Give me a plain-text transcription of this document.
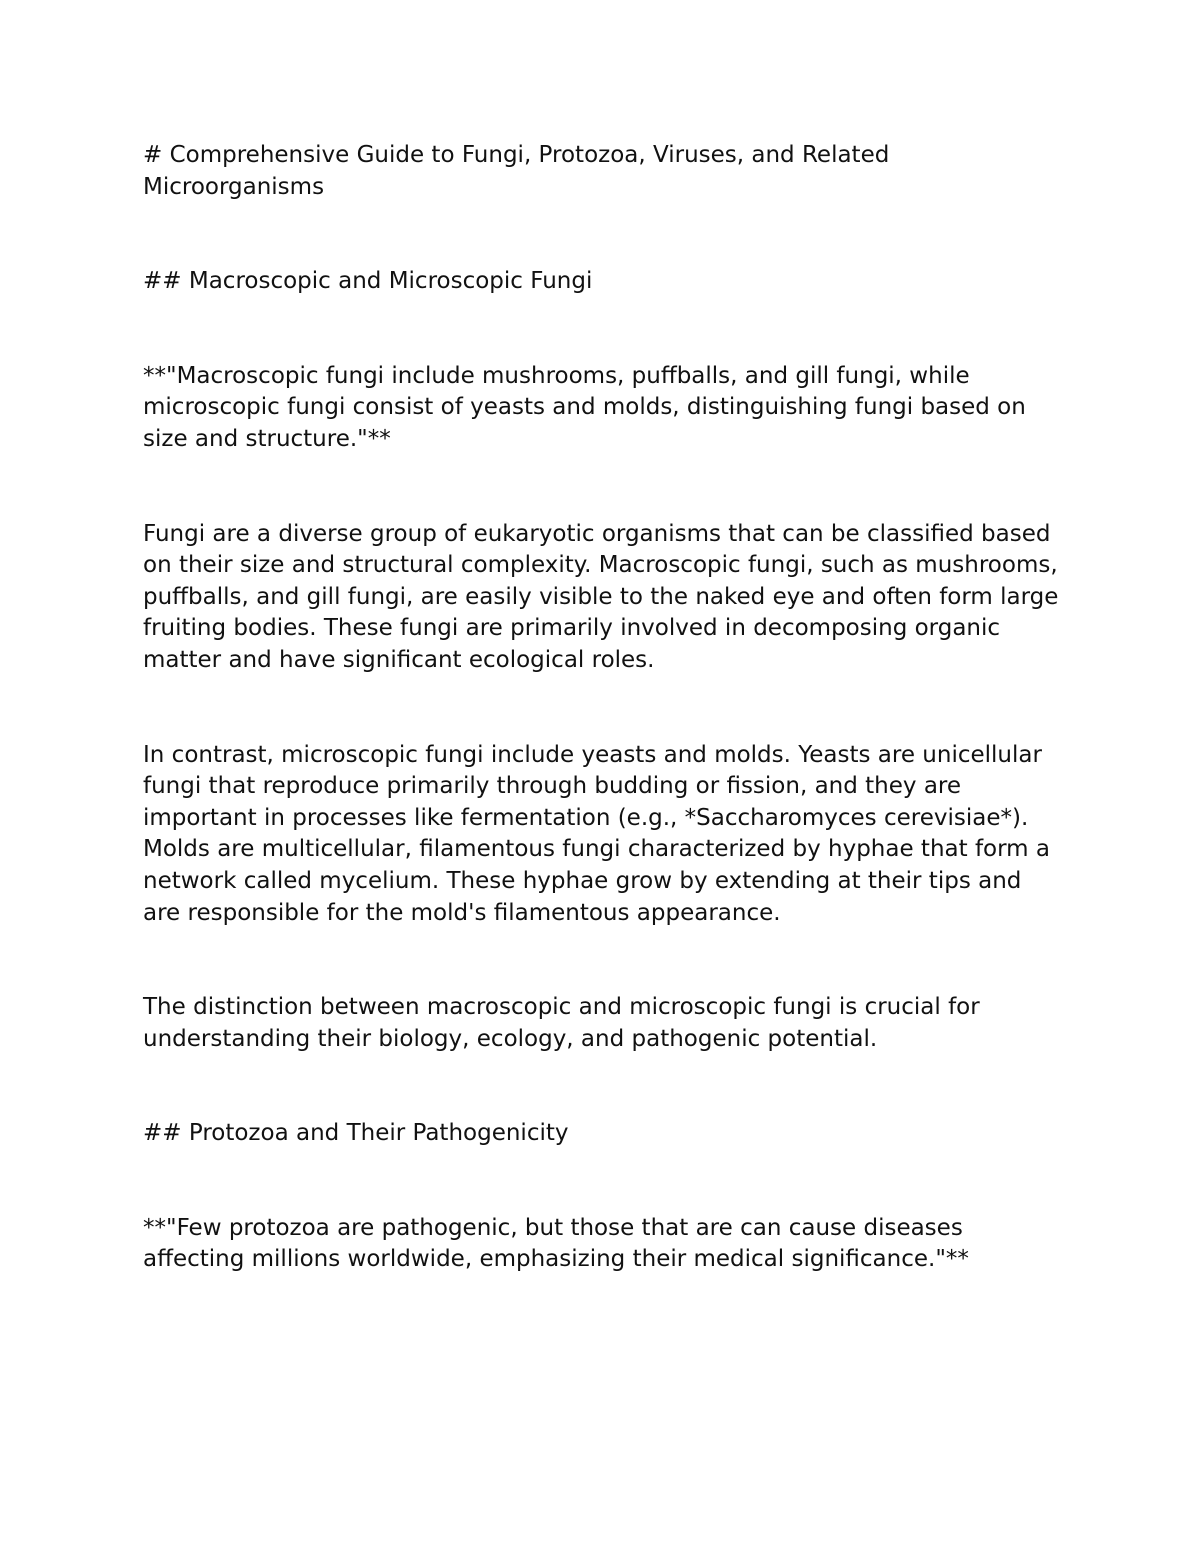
# Comprehensive Guide to Fungi, Protozoa, Viruses, and Related Microorganisms

## Macroscopic and Microscopic Fungi

**"Macroscopic fungi include mushrooms, puffballs, and gill fungi, while microscopic fungi consist of yeasts and molds, distinguishing fungi based on size and structure."**

Fungi are a diverse group of eukaryotic organisms that can be classified based on their size and structural complexity. Macroscopic fungi, such as mushrooms, puffballs, and gill fungi, are easily visible to the naked eye and often form large fruiting bodies. These fungi are primarily involved in decomposing organic matter and have significant ecological roles.

In contrast, microscopic fungi include yeasts and molds. Yeasts are unicellular fungi that reproduce primarily through budding or fission, and they are important in processes like fermentation (e.g., *Saccharomyces cerevisiae*). Molds are multicellular, filamentous fungi characterized by hyphae that form a network called mycelium. These hyphae grow by extending at their tips and are responsible for the mold's filamentous appearance.

The distinction between macroscopic and microscopic fungi is crucial for understanding their biology, ecology, and pathogenic potential.

## Protozoa and Their Pathogenicity

**"Few protozoa are pathogenic, but those that are can cause diseases affecting millions worldwide, emphasizing their medical significance."**
